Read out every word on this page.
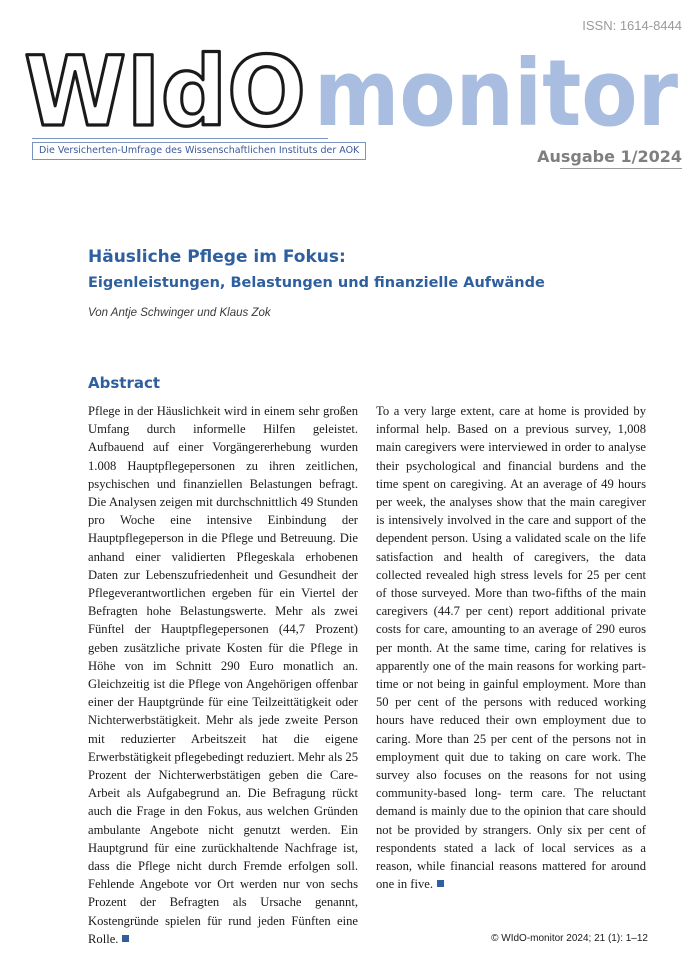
ISSN: 1614-8444
WIdO monitor
Die Versicherten-Umfrage des Wissenschaftlichen Instituts der AOK	Ausgabe 1/2024
Häusliche Pflege im Fokus:
Eigenleistungen, Belastungen und finanzielle Aufwände
Von Antje Schwinger und Klaus Zok
Abstract

Pflege in der Häuslichkeit wird in einem sehr großen Umfang durch informelle Hilfen geleistet. Aufbauend auf einer Vorgängererhebung wurden 1.008 Hauptpflegepersonen zu ihren zeitlichen, psychischen und finanziellen Belastungen befragt. Die Analysen zeigen mit durchschnittlich 49 Stunden pro Woche eine intensive Einbindung der Hauptpflegeperson in die Pflege und Betreuung. Die anhand einer validierten Pflegeskala erhobenen Daten zur Lebenszufriedenheit und Gesundheit der Pflegeverantwortlichen ergeben für ein Viertel der Befragten hohe Belastungswerte. Mehr als zwei Fünftel der Hauptpflegepersonen (44,7 Prozent) geben zusätzliche private Kosten für die Pflege in Höhe von im Schnitt 290 Euro monatlich an. Gleichzeitig ist die Pflege von Angehörigen offenbar einer der Hauptgründe für eine Teilzeittätigkeit oder Nichterwerbstätigkeit. Mehr als jede zweite Person mit reduzierter Arbeitszeit hat die eigene Erwerbstätigkeit pflegebedingt reduziert. Mehr als 25 Prozent der Nichterwerbstätigen geben die Care-Arbeit als Aufgabegrund an. Die Befragung rückt auch die Frage in den Fokus, aus welchen Gründen ambulante Angebote nicht genutzt werden. Ein Hauptgrund für eine zurückhaltende Nachfrage ist, dass die Pflege nicht durch Fremde erfolgen soll. Fehlende Angebote vor Ort werden nur von sechs Prozent der Befragten als Ursache genannt, Kostengründe spielen für rund jeden Fünften eine Rolle.

To a very large extent, care at home is provided by informal help. Based on a previous survey, 1,008 main caregivers were interviewed in order to analyse their psychological and financial burdens and the time spent on caregiving. At an average of 49 hours per week, the analyses show that the main caregiver is intensively involved in the care and support of the dependent person. Using a validated scale on the life satisfaction and health of caregivers, the data collected revealed high stress levels for 25 per cent of those surveyed. More than two-fifths of the main caregivers (44.7 per cent) report additional private costs for care, amounting to an average of 290 euros per month. At the same time, caring for relatives is apparently one of the main reasons for working part-time or not being in gainful employment. More than 50 per cent of the persons with reduced working hours have reduced their own employment due to caring. More than 25 per cent of the persons not in employment quit due to taking on care work. The survey also focuses on the reasons for not using community-based long- term care. The reluctant demand is mainly due to the opinion that care should not be provided by strangers. Only six per cent of respondents stated a lack of local services as a reason, while financial reasons mattered for around one in five.

© WIdO-monitor 2024; 21 (1): 1–12
